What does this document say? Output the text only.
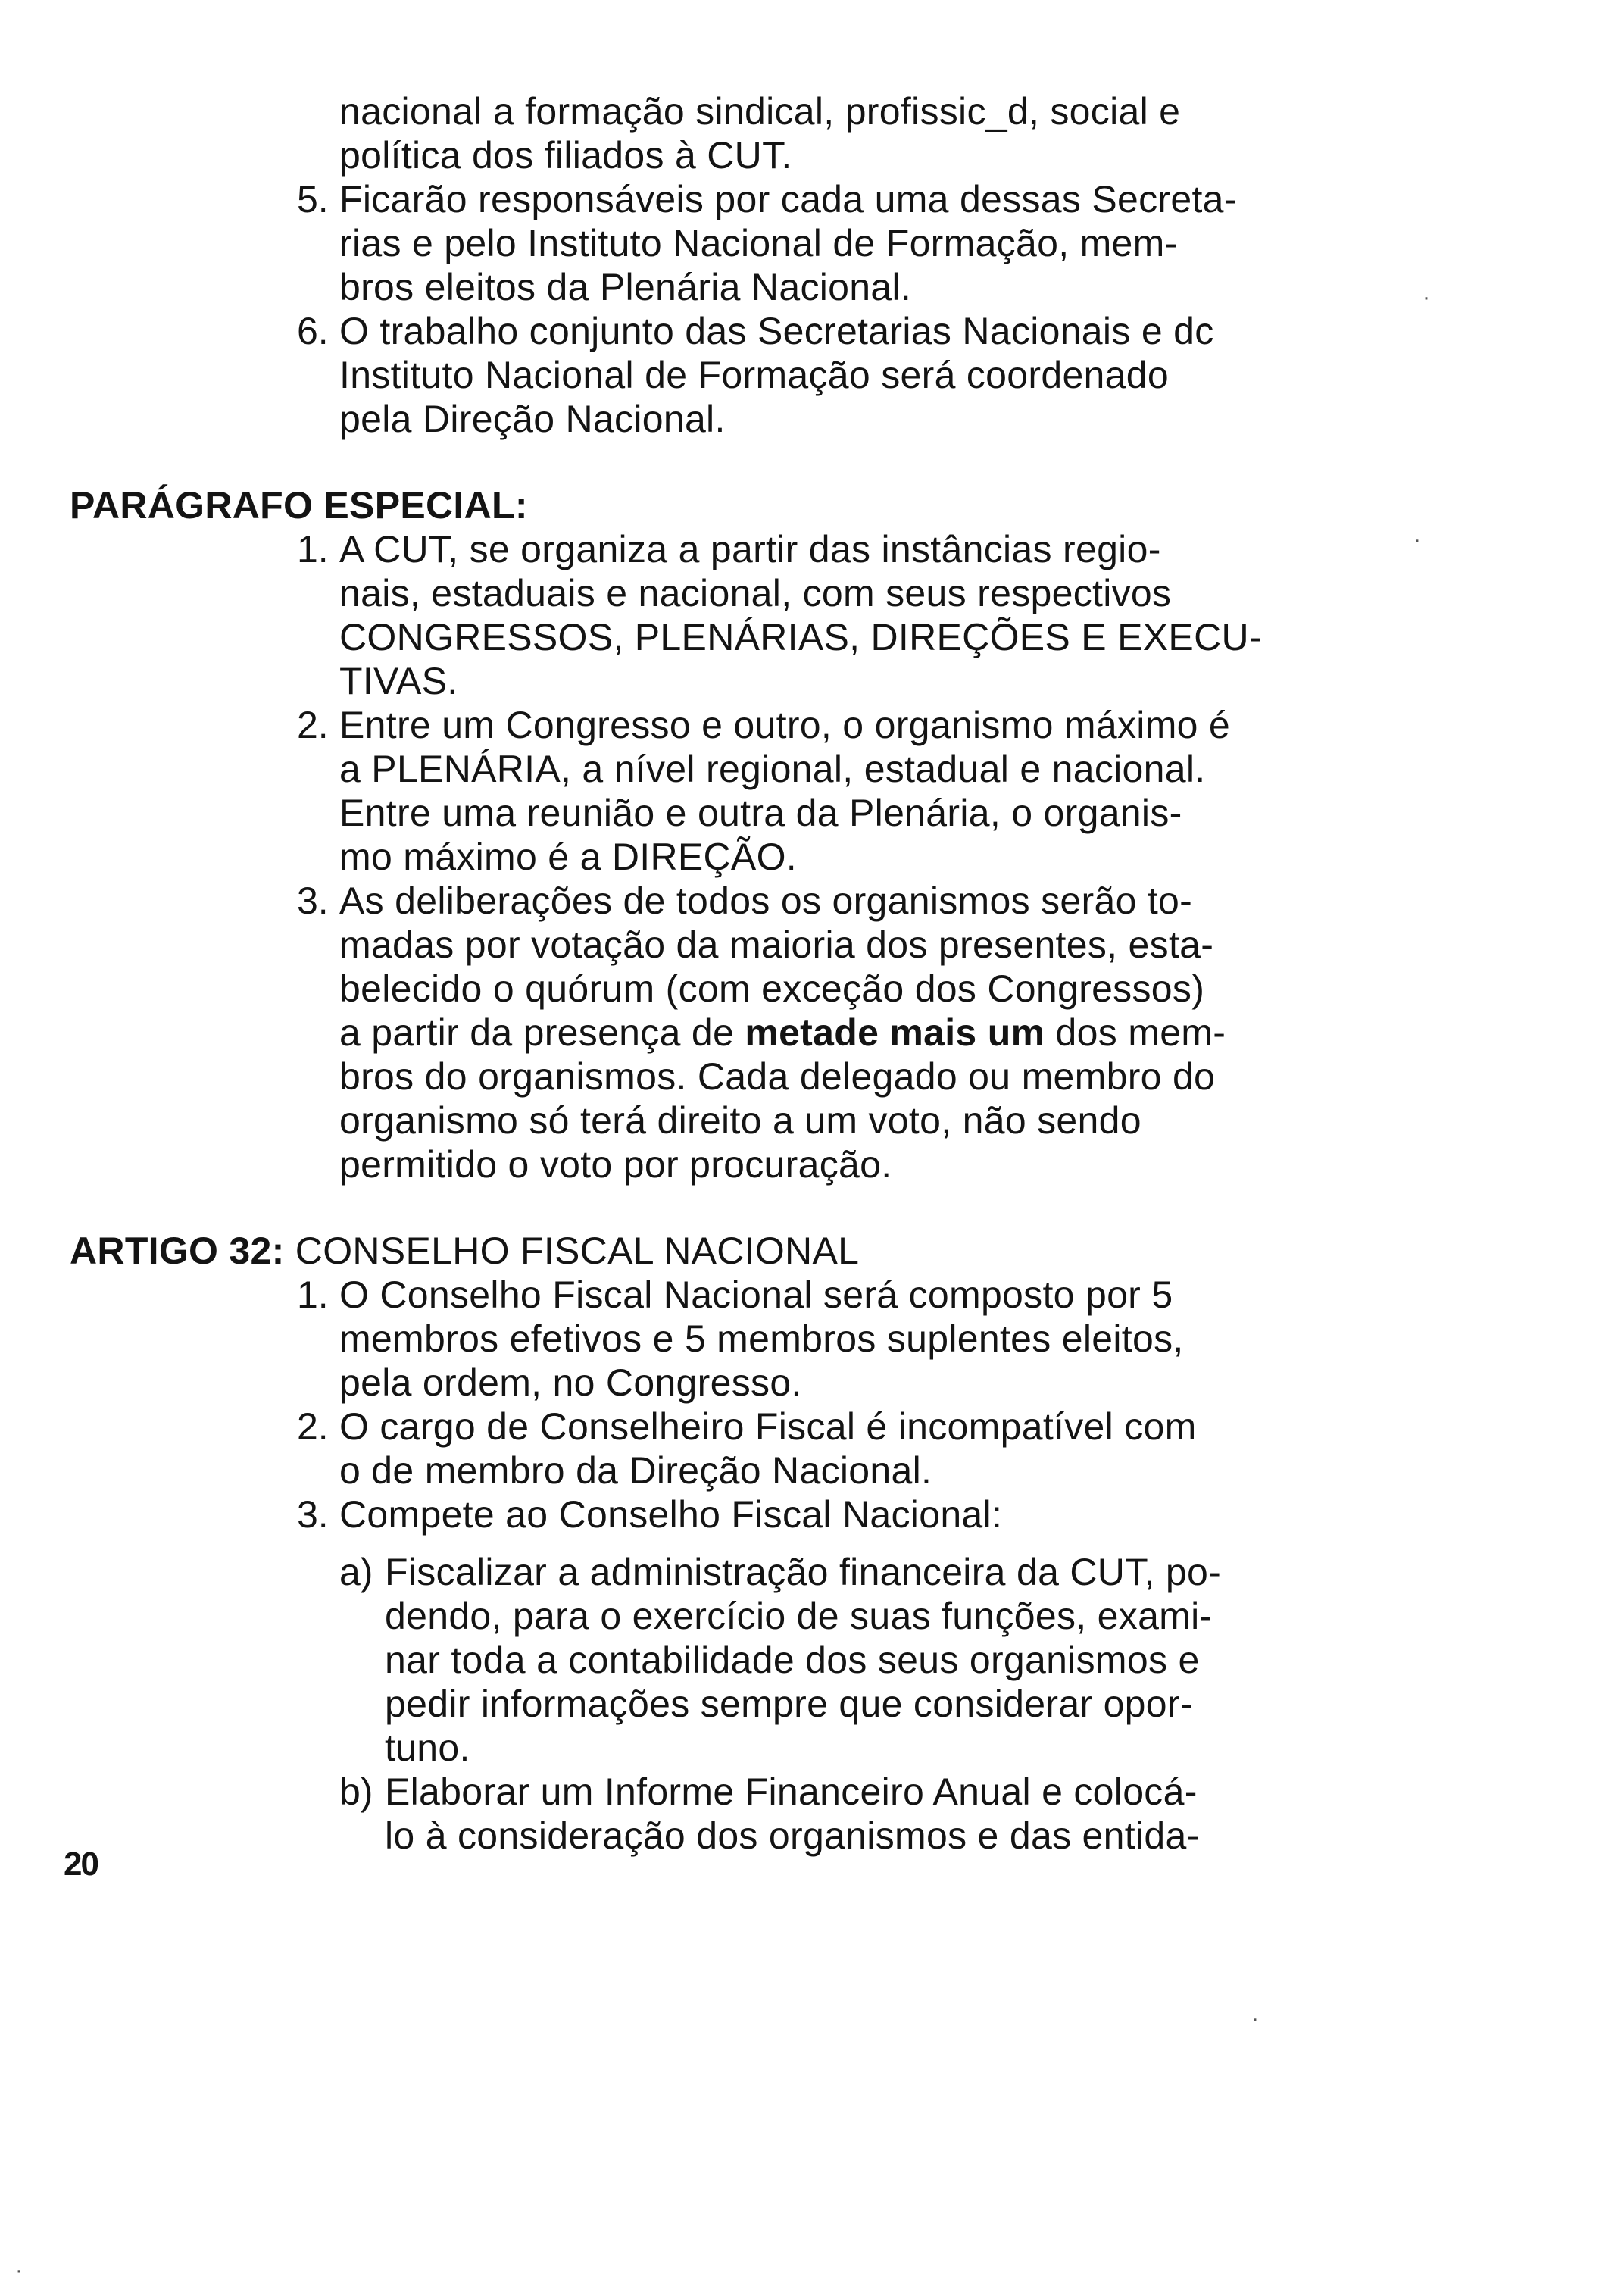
nacional a formação sindical, profissic_d, social e
política dos filiados à CUT.
5. Ficarão responsáveis por cada uma dessas Secreta-
rias e pelo Instituto Nacional de Formação, mem-
bros eleitos da Plenária Nacional.
6. O trabalho conjunto das Secretarias Nacionais e dc
Instituto Nacional de Formação será coordenado
pela Direção Nacional.
PARÁGRAFO ESPECIAL:
1. A CUT, se organiza a partir das instâncias regio-
nais, estaduais e nacional, com seus respectivos
CONGRESSOS, PLENÁRIAS, DIREÇÕES E EXECU-
TIVAS.
2. Entre um Congresso e outro, o organismo máximo é
a PLENÁRIA, a nível regional, estadual e nacional.
Entre uma reunião e outra da Plenária, o organis-
mo máximo é a DIREÇÃO.
3. As deliberações de todos os organismos serão to-
madas por votação da maioria dos presentes, esta-
belecido o quórum (com exceção dos Congressos)
a partir da presença de metade mais um dos mem-
bros do organismos. Cada delegado ou membro do
organismo só terá direito a um voto, não sendo
permitido o voto por procuração.
ARTIGO 32: CONSELHO FISCAL NACIONAL
1. O Conselho Fiscal Nacional será composto por 5
membros efetivos e 5 membros suplentes eleitos,
pela ordem, no Congresso.
2. O cargo de Conselheiro Fiscal é incompatível com
o de membro da Direção Nacional.
3. Compete ao Conselho Fiscal Nacional:
a) Fiscalizar a administração financeira da CUT, po-
dendo, para o exercício de suas funções, exami-
nar toda a contabilidade dos seus organismos e
pedir informações sempre que considerar opor-
tuno.
b) Elaborar um Informe Financeiro Anual e colocá-
lo à consideração dos organismos e das entida-
20
·
·
·
·
